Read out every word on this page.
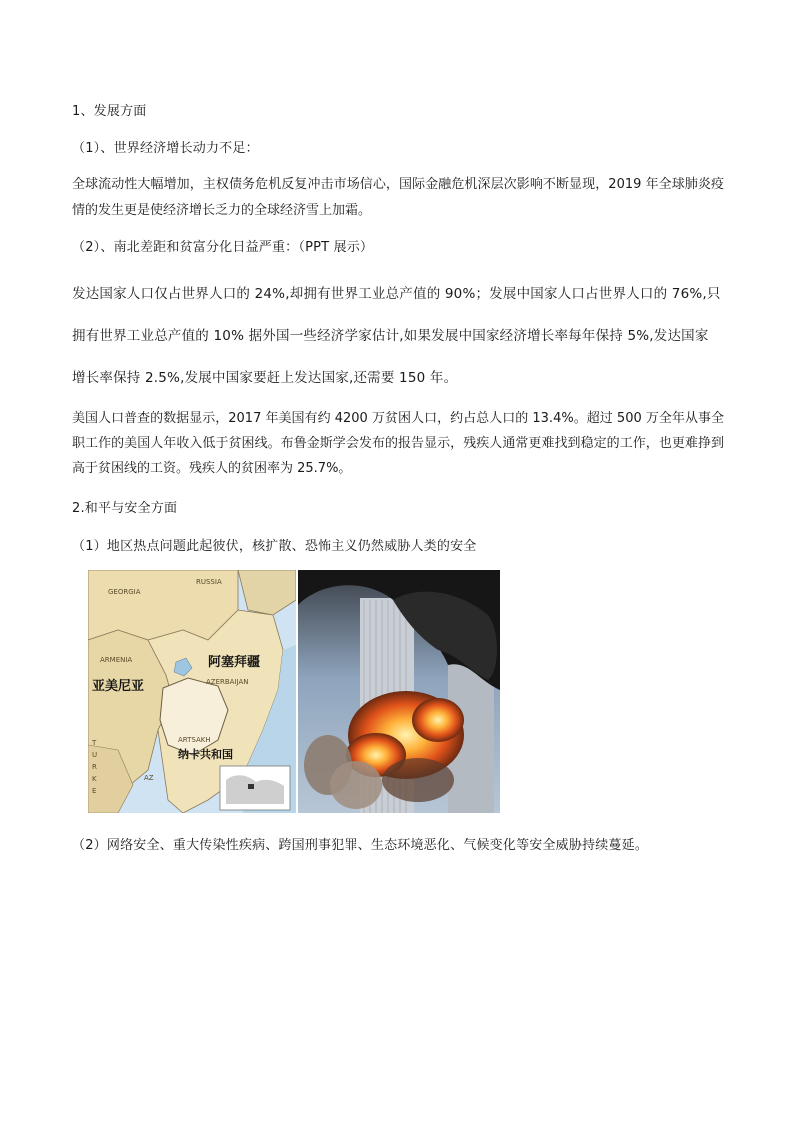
1、发展方面
（1）、世界经济增长动力不足：
全球流动性大幅增加，主权债务危机反复冲击市场信心，国际金融危机深层次影响不断显现，2019 年全球肺炎疫情的发生更是使经济增长乏力的全球经济雪上加霜。
（2）、南北差距和贫富分化日益严重：（PPT 展示）
发达国家人口仅占世界人口的 24%,却拥有世界工业总产值的 90%；发展中国家人口占世界人口的 76%,只
拥有世界工业总产值的 10% 据外国一些经济学家估计,如果发展中国家经济增长率每年保持 5%,发达国家
增长率保持 2.5%,发展中国家要赶上发达国家,还需要 150 年。
美国人口普查的数据显示，2017 年美国有约 4200 万贫困人口，约占总人口的 13.4%。超过 500 万全年从事全职工作的美国人年收入低于贫困线。布鲁金斯学会发布的报告显示，残疾人通常更难找到稳定的工作，也更难挣到高于贫困线的工资。残疾人的贫困率为 25.7%。
2.和平与安全方面
（1）地区热点问题此起彼伏，核扩散、恐怖主义仍然威胁人类的安全
GEORGIA
RUSSIA
ARMENIA
亚美尼亚
阿塞拜疆
AZERBAIJAN
ARTSAKH
纳卡共和国
T
U
R
K
E
AZ
（2）网络安全、重大传染性疾病、跨国刑事犯罪、生态环境恶化、气候变化等安全威胁持续蔓延。
